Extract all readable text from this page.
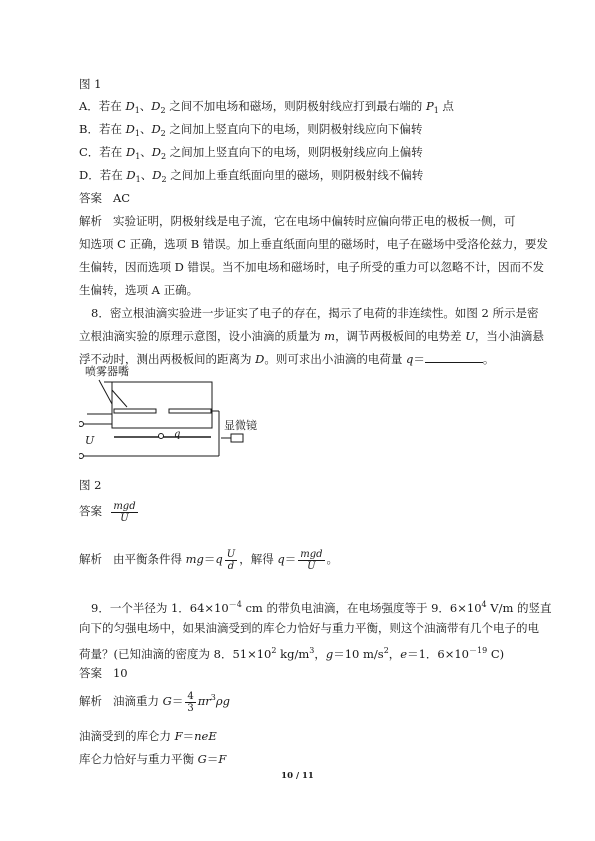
图 1
A．若在 $D_1$、$D_2$ 之间不加电场和磁场，则阴极射线应打到最右端的 $P_1$ 点
B．若在 $D_1$、$D_2$ 之间加上竖直向下的电场，则阴极射线应向下偏转
C．若在 $D_1$、$D_2$ 之间加上竖直向下的电场，则阴极射线应向上偏转
D．若在 $D_1$、$D_2$ 之间加上垂直纸面向里的磁场，则阴极射线不偏转
答案 AC
解析 实验证明，阴极射线是电子流，它在电场中偏转时应偏向带正电的极板一侧，可
知选项 C 正确，选项 B 错误。加上垂直纸面向里的磁场时，电子在磁场中受洛伦兹力，要发
生偏转，因而选项 D 错误。当不加电场和磁场时，电子所受的重力可以忽略不计，因而不发
生偏转，选项 A 正确。
8．密立根油滴实验进一步证实了电子的存在，揭示了电荷的非连续性。如图 2 所示是密
立根油滴实验的原理示意图，设小油滴的质量为 m，调节两极板间的电势差 U，当小油滴悬
浮不动时，测出两极板间的距离为 D。则可求出小油滴的电荷量 q＝	。
喷雾器嘴
显微镜
q
U
图 2
答案 $\frac{\text{mgd}}{U}$
解析 由平衡条件得 $mg=q \frac{U}{d}$ ，解得 $q= \frac{\text{mgd}}{U}$ 。
9．一个半径为 1．$64\times 10^{-4}$ cm 的带负电油滴，在电场强度等于 9．$6\times 10^4$ V/m 的竖直
向下的匀强电场中，如果油滴受到的库仑力恰好与重力平衡，则这个油滴带有几个电子的电
荷量？(已知油滴的密度为 8．$51\times 10^2$ $kg/m^3$，g＝10 $m/s^2$，e＝1．$6\times 10^{-19}$ C)
答案 10
解析 油滴重力 $G= \frac{4}{3} \pi r^3\rho g$
油滴受到的库仑力 F＝neE
库仑力恰好与重力平衡 G＝F
10 / 11
